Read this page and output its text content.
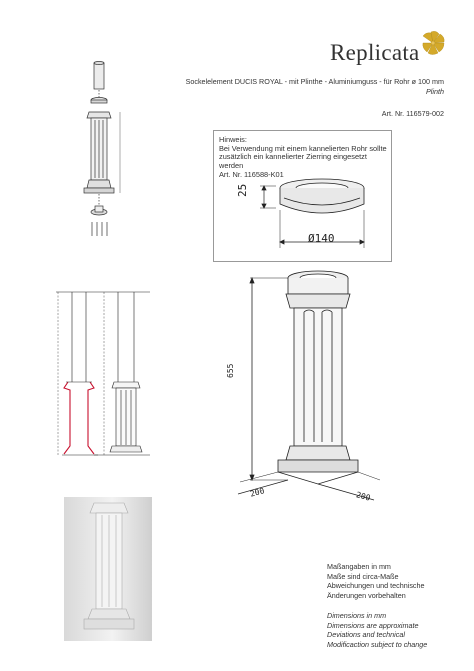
Replicata
Sockelelement DUCIS ROYAL - mit Plinthe - Aluminiumguss - für Rohr ø 100 mm
Plinth
Art. Nr. 116579-002
Hinweis:
Bei Verwendung mit einem kannelierten Rohr sollte
zusätzlich ein kannelierter Zierring eingesetzt werden
Art. Nr. 116588-K01
25
Ø140
655
200	200
Maßangaben in mm
Maße sind circa-Maße
Abweichungen und technische
Änderungen vorbehalten
Dimensions in mm
Dimensions are approximate
Deviations and technical
Modificaction subject to change
